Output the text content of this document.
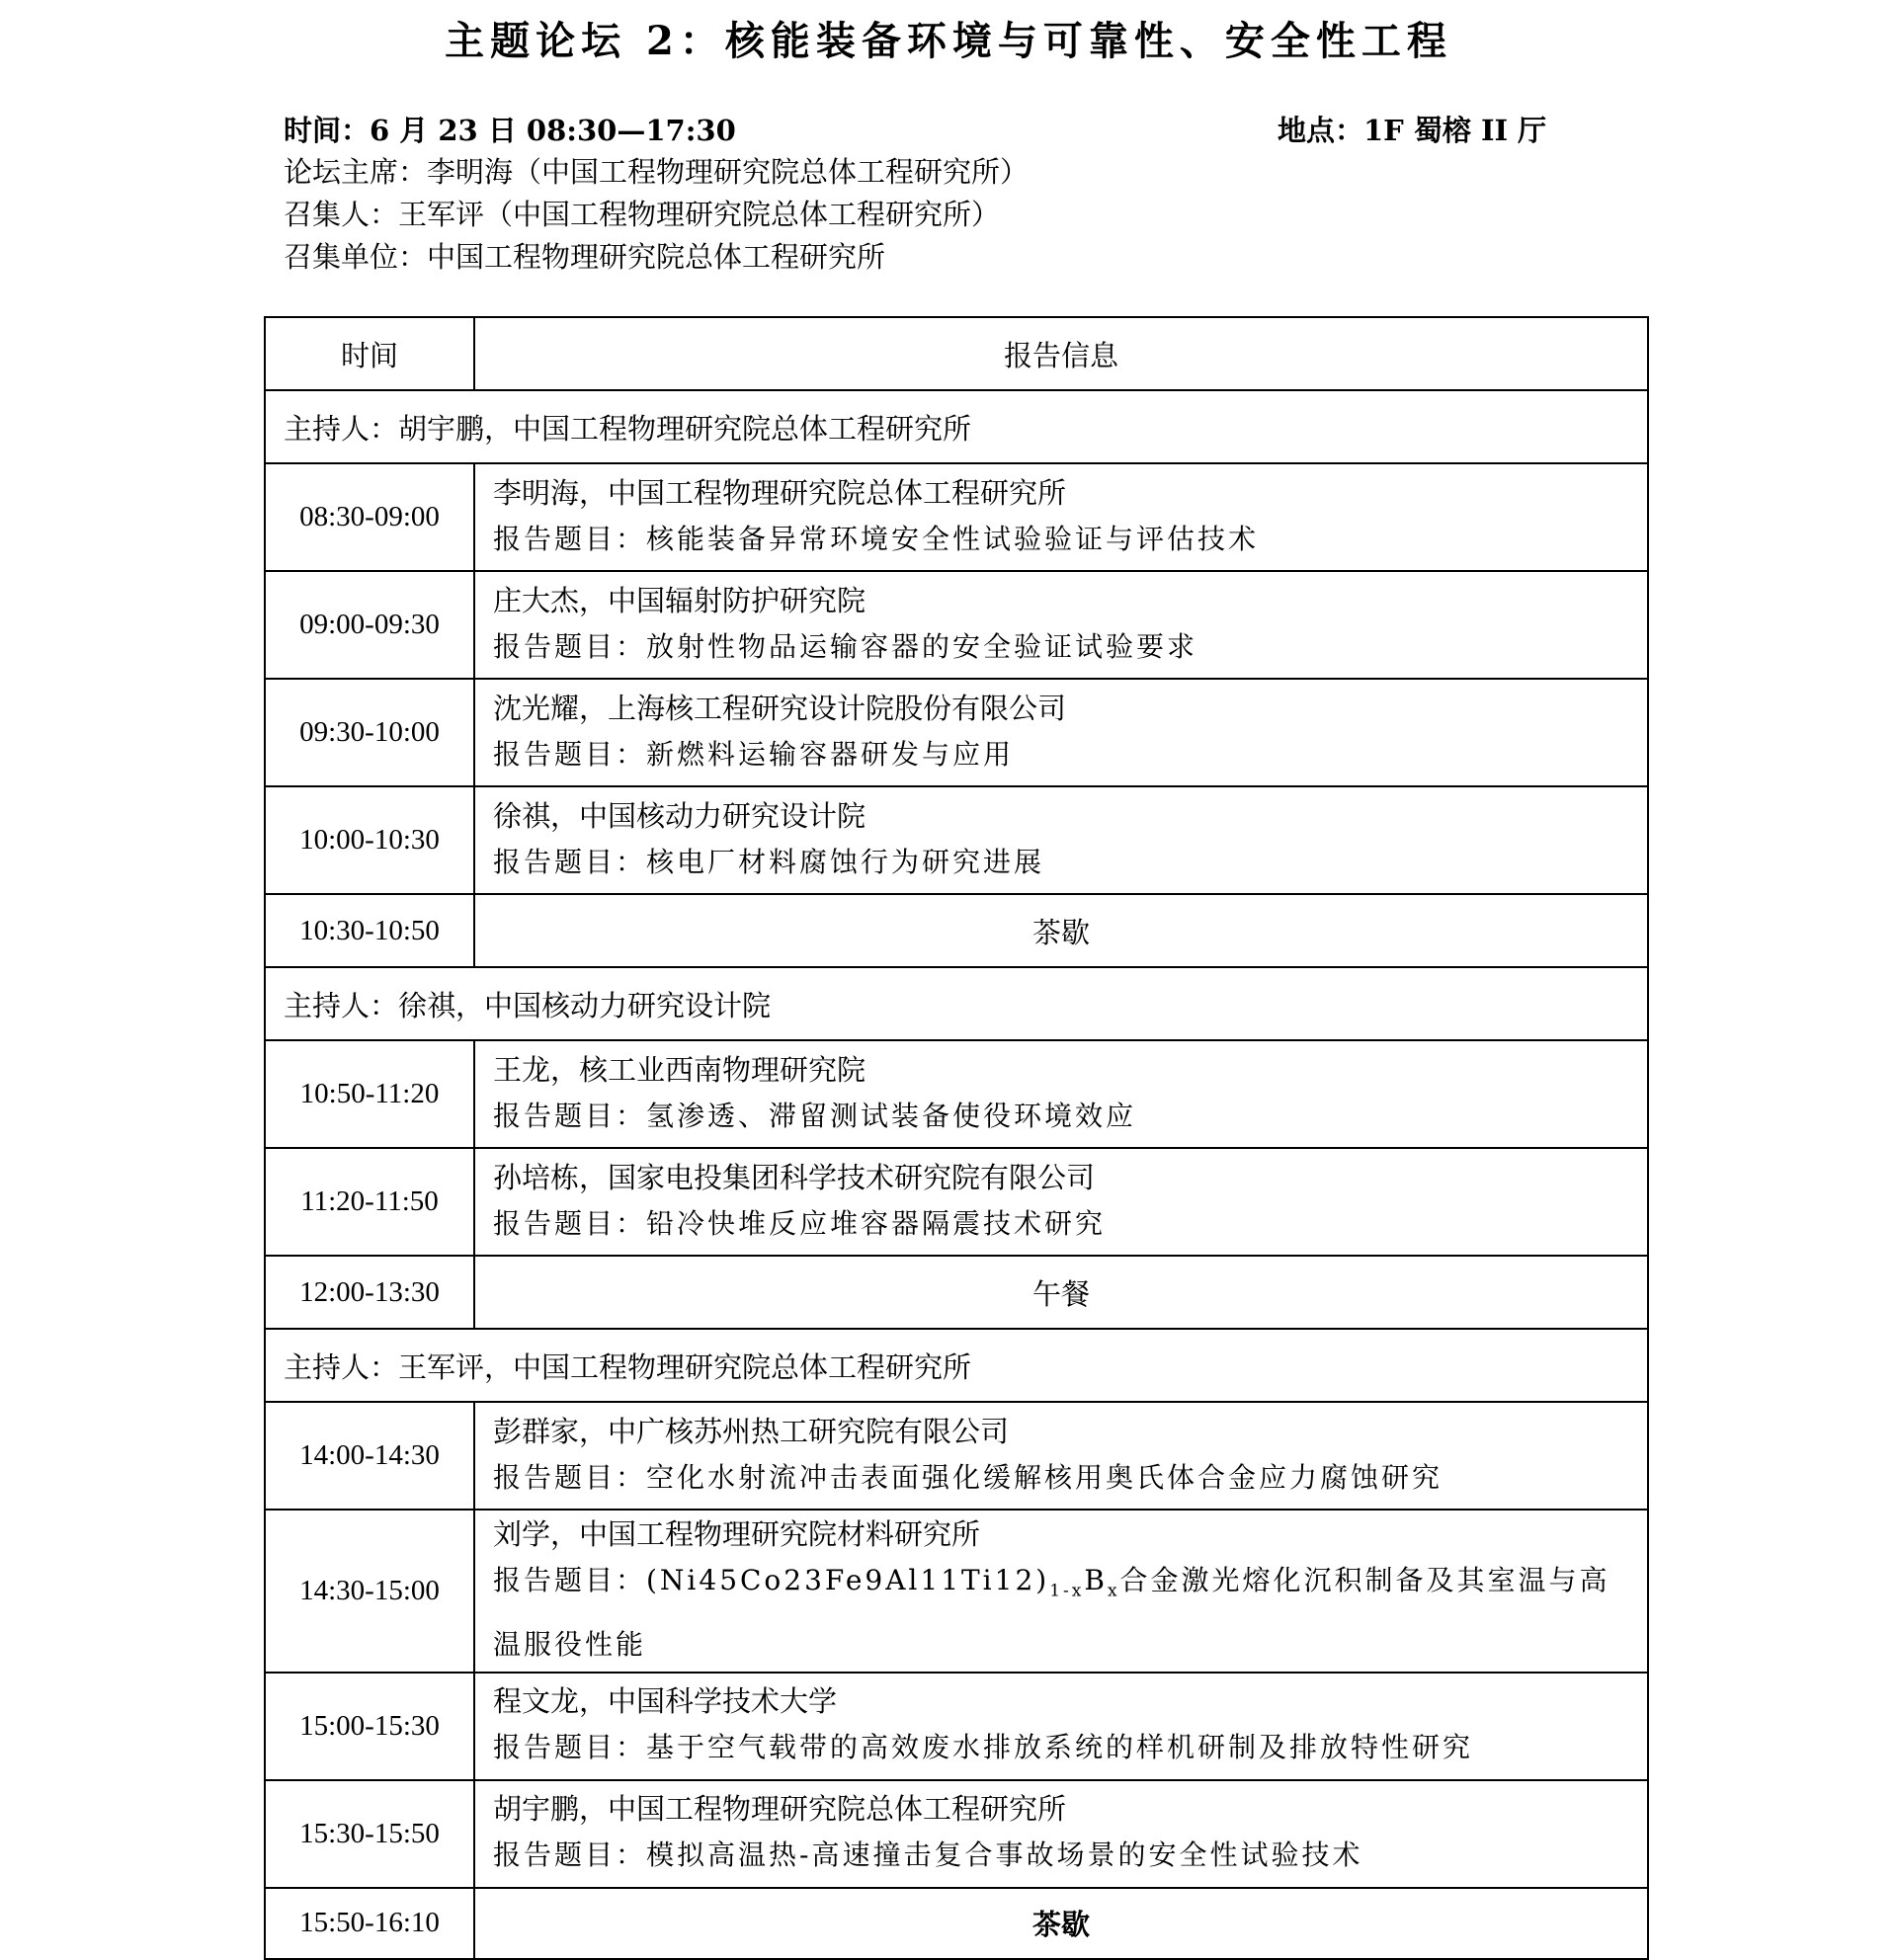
主题论坛 2：核能装备环境与可靠性、安全性工程
时间：6 月 23 日 08:30—17:30	地点：1F 蜀榕 II 厅
论坛主席：李明海（中国工程物理研究院总体工程研究所）
召集人：王军评（中国工程物理研究院总体工程研究所）
召集单位：中国工程物理研究院总体工程研究所
时间	报告信息
主持人：胡宇鹏，中国工程物理研究院总体工程研究所	
08:30-09:00	李明海，中国工程物理研究院总体工程研究所
报告题目：核能装备异常环境安全性试验验证与评估技术

09:00-09:30	庄大杰，中国辐射防护研究院
报告题目：放射性物品运输容器的安全验证试验要求

09:30-10:00	沈光耀，上海核工程研究设计院股份有限公司
报告题目：新燃料运输容器研发与应用

10:00-10:30	徐祺，中国核动力研究设计院
报告题目：核电厂材料腐蚀行为研究进展

10:30-10:50	茶歇
主持人：徐祺，中国核动力研究设计院	
10:50-11:20	王龙，核工业西南物理研究院
报告题目：氢渗透、滞留测试装备使役环境效应

11:20-11:50	孙培栋，国家电投集团科学技术研究院有限公司
报告题目：铅冷快堆反应堆容器隔震技术研究

12:00-13:30	午餐
主持人：王军评，中国工程物理研究院总体工程研究所	
14:00-14:30	彭群家，中广核苏州热工研究院有限公司
报告题目：空化水射流冲击表面强化缓解核用奥氏体合金应力腐蚀研究

14:30-15:00	刘学，中国工程物理研究院材料研究所
报告题目：$(Ni45Co23Fe9Al11Ti12)_{1-x}B_x$合金激光熔化沉积制备及其室温与高温服役性能

15:00-15:30	程文龙，中国科学技术大学
报告题目：基于空气载带的高效废水排放系统的样机研制及排放特性研究

15:30-15:50	胡宇鹏，中国工程物理研究院总体工程研究所
报告题目：模拟高温热-高速撞击复合事故场景的安全性试验技术

15:50-16:10	茶歇
